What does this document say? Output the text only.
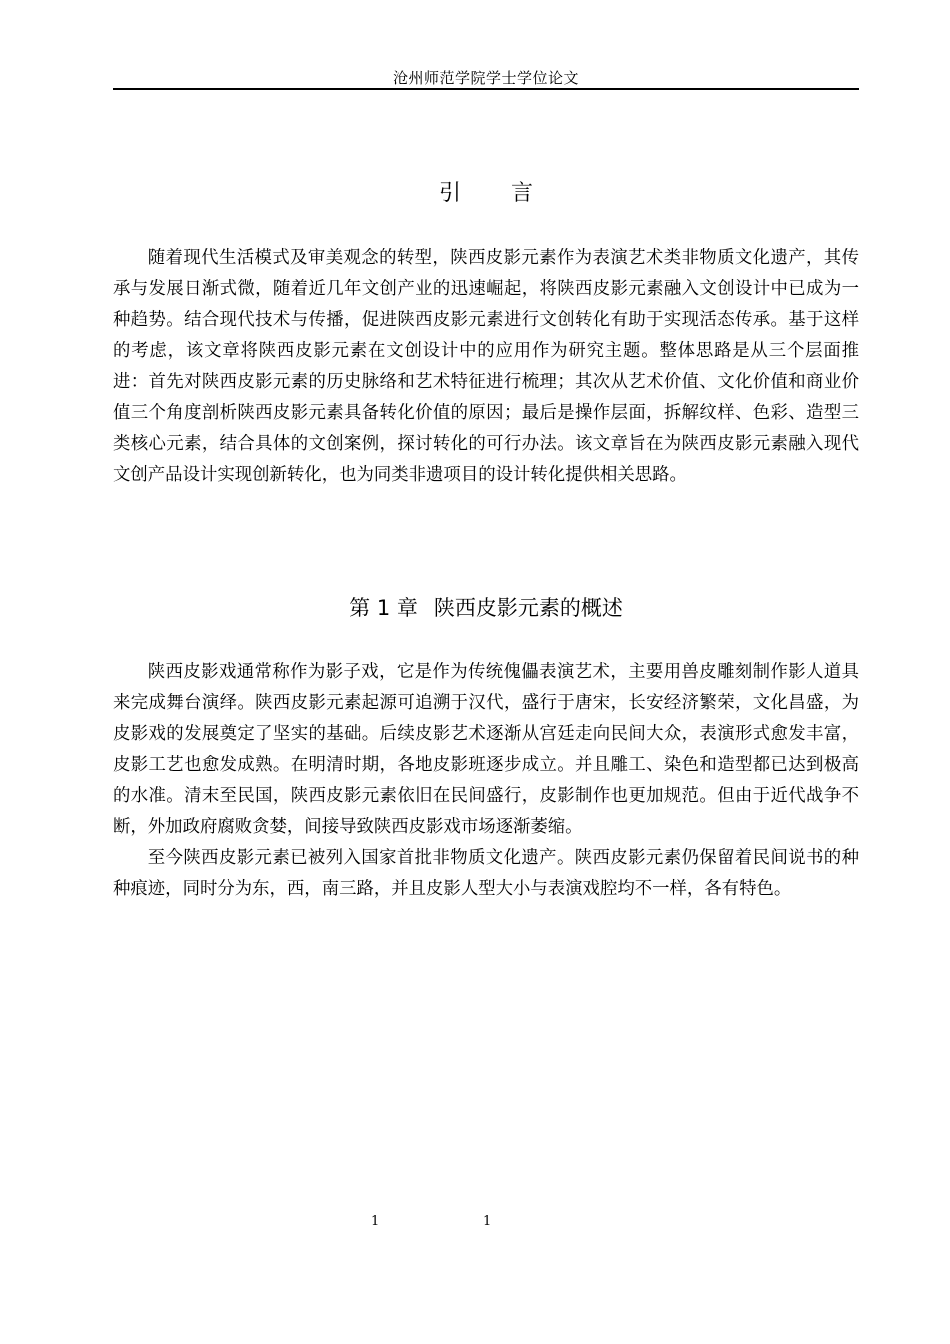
沧州师范学院学士学位论文
引言

随着现代生活模式及审美观念的转型，陕西皮影元素作为表演艺术类非物质文化遗产，其传承与发展日渐式微，随着近几年文创产业的迅速崛起，将陕西皮影元素融入文创设计中已成为一种趋势。结合现代技术与传播，促进陕西皮影元素进行文创转化有助于实现活态传承。基于这样的考虑，该文章将陕西皮影元素在文创设计中的应用作为研究主题。整体思路是从三个层面推进：首先对陕西皮影元素的历史脉络和艺术特征进行梳理；其次从艺术价值、文化价值和商业价值三个角度剖析陕西皮影元素具备转化价值的原因；最后是操作层面，拆解纹样、色彩、造型三类核心元素，结合具体的文创案例，探讨转化的可行办法。该文章旨在为陕西皮影元素融入现代文创产品设计实现创新转化，也为同类非遗项目的设计转化提供相关思路。

第 1 章 陕西皮影元素的概述

陕西皮影戏通常称作为影子戏，它是作为传统傀儡表演艺术，主要用兽皮雕刻制作影人道具来完成舞台演绎。陕西皮影元素起源可追溯于汉代，盛行于唐宋，长安经济繁荣，文化昌盛，为皮影戏的发展奠定了坚实的基础。后续皮影艺术逐渐从宫廷走向民间大众，表演形式愈发丰富，皮影工艺也愈发成熟。在明清时期，各地皮影班逐步成立。并且雕工、染色和造型都已达到极高的水准。清末至民国，陕西皮影元素依旧在民间盛行，皮影制作也更加规范。但由于近代战争不断，外加政府腐败贪婪，间接导致陕西皮影戏市场逐渐萎缩。

至今陕西皮影元素已被列入国家首批非物质文化遗产。陕西皮影元素仍保留着民间说书的种种痕迹，同时分为东，西，南三路，并且皮影人型大小与表演戏腔均不一样，各有特色。

1	1
